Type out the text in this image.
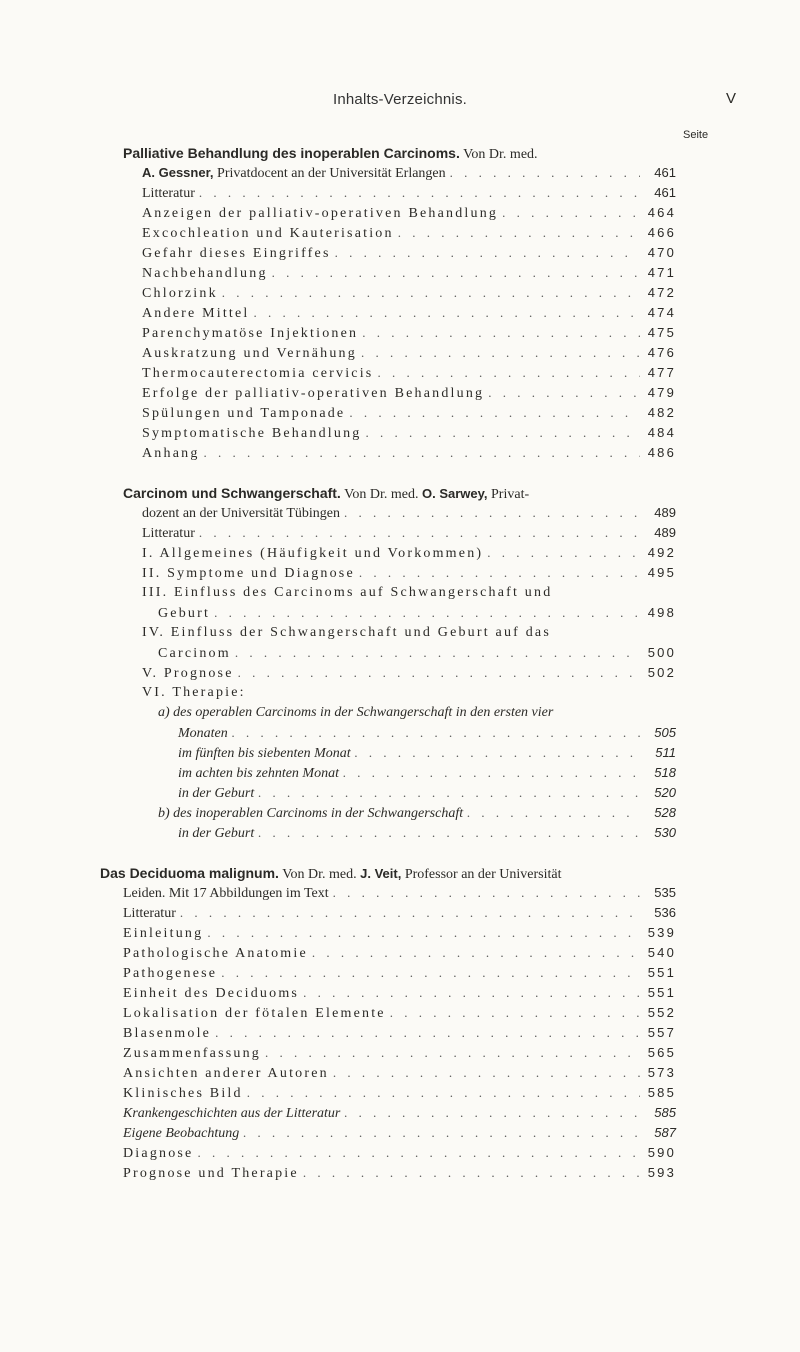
Inhalts-Verzeichnis.	V
Seite
Palliative Behandlung des inoperablen Carcinoms. Von Dr. med.
A. Gessner, Privatdocent an der Universität Erlangen . . .	461
Litteratur . . .	461
Anzeigen der palliativ-operativen Behandlung . . .	464
Excochleation und Kauterisation . . .	466
Gefahr dieses Eingriffes . . .	470
Nachbehandlung . . .	471
Chlorzink . . .	472
Andere Mittel . . .	474
Parenchymatöse Injektionen . . .	475
Auskratzung und Vernähung . . .	476
Thermocauterectomia cervicis . . .	477
Erfolge der palliativ-operativen Behandlung . . .	479
Spülungen und Tamponade . . .	482
Symptomatische Behandlung . . .	484
Anhang . . .	486
Carcinom und Schwangerschaft. Von Dr. med. O. Sarwey, Privat-
dozent an der Universität Tübingen . . .	489
Litteratur . . .	489
I. Allgemeines (Häufigkeit und Vorkommen) . . .	492
II. Symptome und Diagnose . . .	495
III. Einfluss des Carcinoms auf Schwangerschaft und
Geburt . . .	498
IV. Einfluss der Schwangerschaft und Geburt auf das
Carcinom . . .	500
V. Prognose . . .	502
VI. Therapie:
a) des operablen Carcinoms in der Schwangerschaft in den ersten vier
Monaten . . .	505
im fünften bis siebenten Monat . . .	511
im achten bis zehnten Monat . . .	518
in der Geburt . . .	520
b) des inoperablen Carcinoms in der Schwangerschaft . . .	528
in der Geburt . . .	530
Das Deciduoma malignum. Von Dr. med. J. Veit, Professor an der Universität
Leiden. Mit 17 Abbildungen im Text . . .	535
Litteratur . . .	536
Einleitung . . .	539
Pathologische Anatomie . . .	540
Pathogenese . . .	551
Einheit des Deciduoms . . .	551
Lokalisation der fötalen Elemente . . .	552
Blasenmole . . .	557
Zusammenfassung . . .	565
Ansichten anderer Autoren . . .	573
Klinisches Bild . . .	585
Krankengeschichten aus der Litteratur . . .	585
Eigene Beobachtung . . .	587
Diagnose . . .	590
Prognose und Therapie . . .	593
